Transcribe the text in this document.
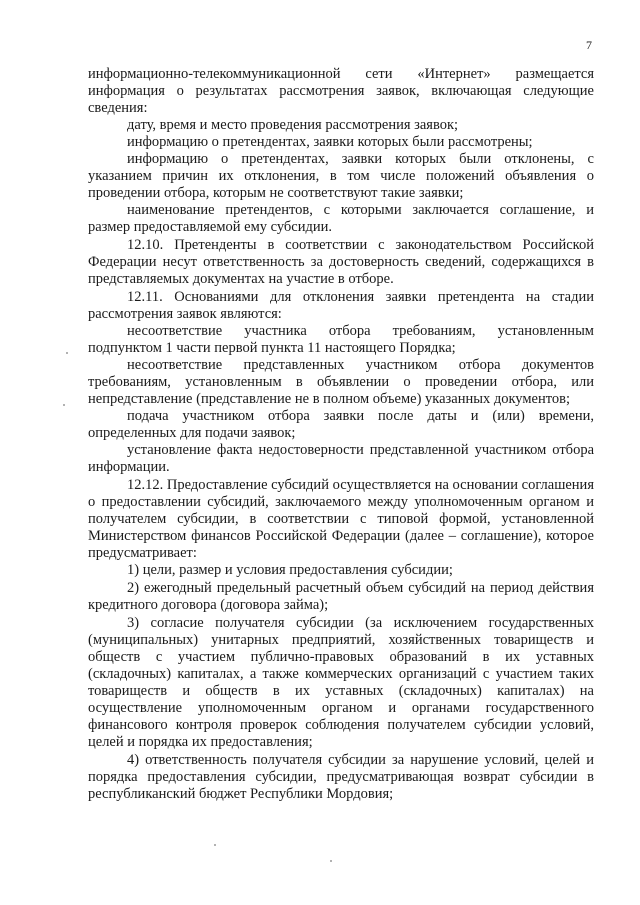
7

информационно-телекоммуникационной сети «Интернет» размещается информация о результатах рассмотрения заявок, включающая следующие сведения:

дату, время и место проведения рассмотрения заявок;

информацию о претендентах, заявки которых были рассмотрены;

информацию о претендентах, заявки которых были отклонены, с указанием причин их отклонения, в том числе положений объявления о проведении отбора, которым не соответствуют такие заявки;

наименование претендентов, с которыми заключается соглашение, и размер предоставляемой ему субсидии.

12.10. Претенденты в соответствии с законодательством Российской Федерации несут ответственность за достоверность сведений, содержащихся в представляемых документах на участие в отборе.

12.11. Основаниями для отклонения заявки претендента на стадии рассмотрения заявок являются:

несоответствие участника отбора требованиям, установленным подпунктом 1 части первой пункта 11 настоящего Порядка;

несоответствие представленных участником отбора документов требованиям, установленным в объявлении о проведении отбора, или непредставление (представление не в полном объеме) указанных документов;

подача участником отбора заявки после даты и (или) времени, определенных для подачи заявок;

установление факта недостоверности представленной участником отбора информации.

12.12. Предоставление субсидий осуществляется на основании соглашения о предоставлении субсидий, заключаемого между уполномоченным органом и получателем субсидии, в соответствии с типовой формой, установленной Министерством финансов Российской Федерации (далее – соглашение), которое предусматривает:

1) цели, размер и условия предоставления субсидии;

2) ежегодный предельный расчетный объем субсидий на период действия кредитного договора (договора займа);

3) согласие получателя субсидии (за исключением государственных (муниципальных) унитарных предприятий, хозяйственных товариществ и обществ с участием публично-правовых образований в их уставных (складочных) капиталах, а также коммерческих организаций с участием таких товариществ и обществ в их уставных (складочных) капиталах) на осуществление уполномоченным органом и органами государственного финансового контроля проверок соблюдения получателем субсидии условий, целей и порядка их предоставления;

4) ответственность получателя субсидии за нарушение условий, целей и порядка предоставления субсидии, предусматривающая возврат субсидии в республиканский бюджет Республики Мордовия;
